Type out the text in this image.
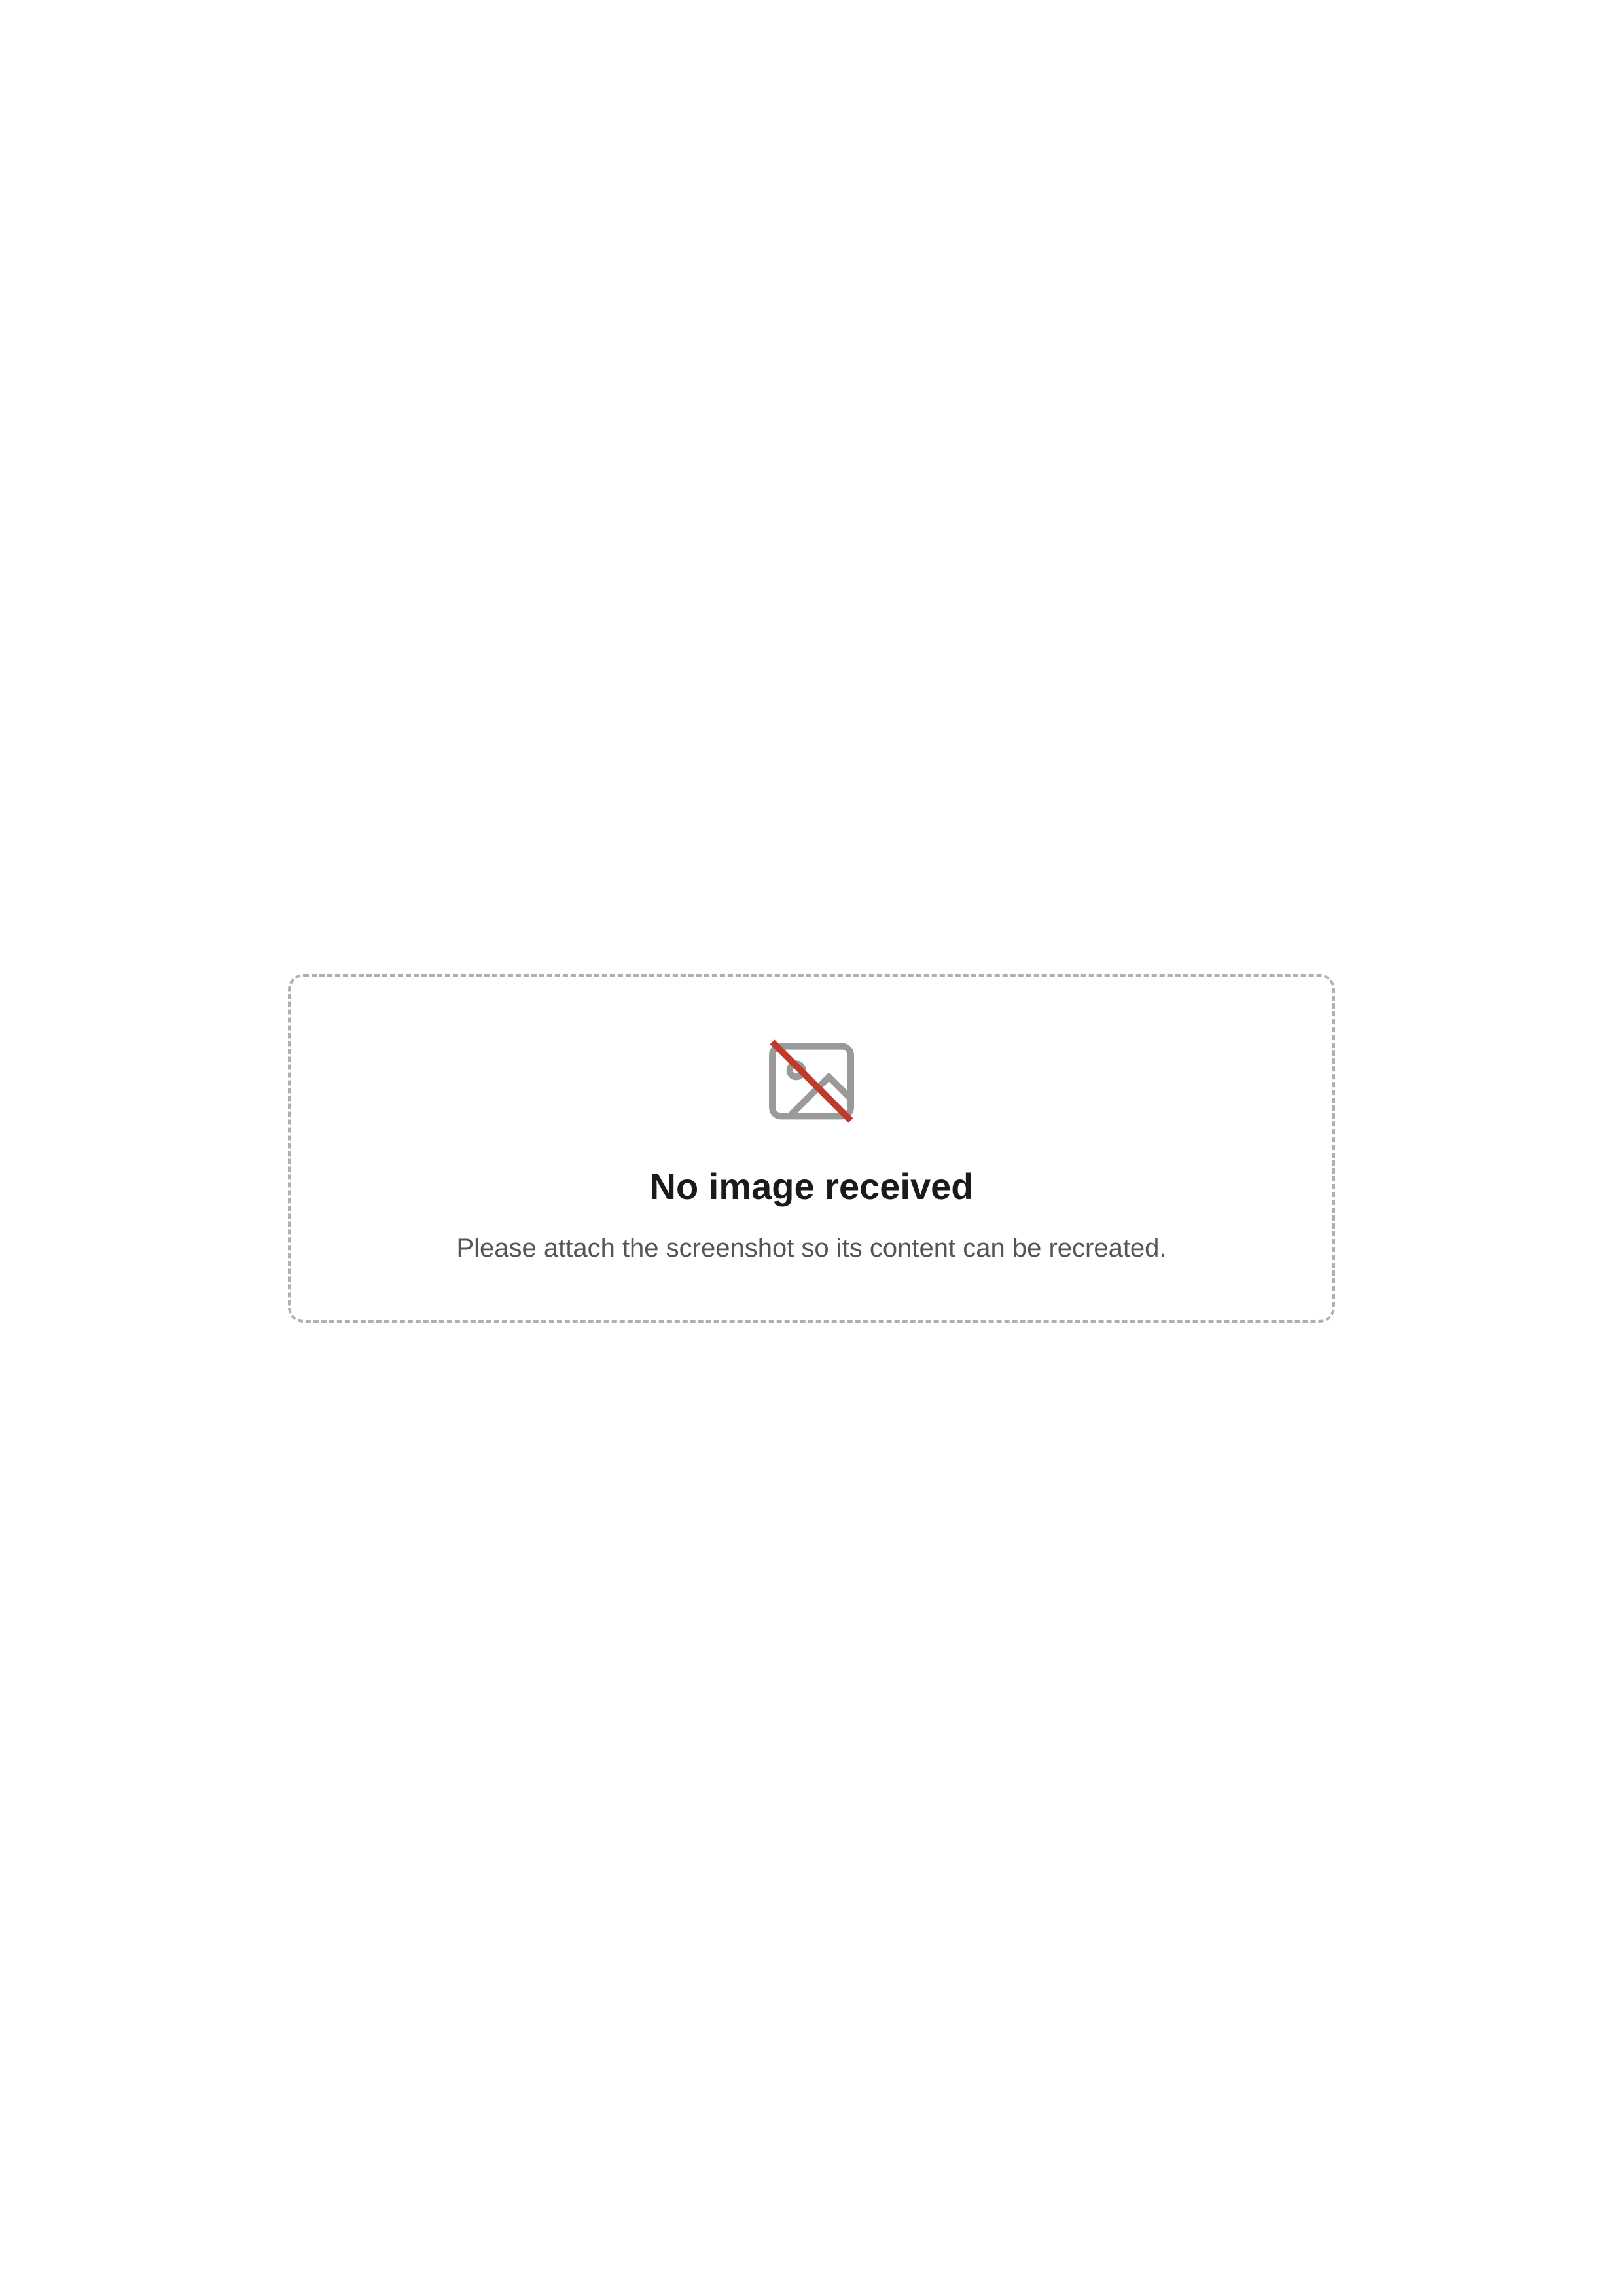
No image received

Please attach the screenshot so its content can be recreated.
